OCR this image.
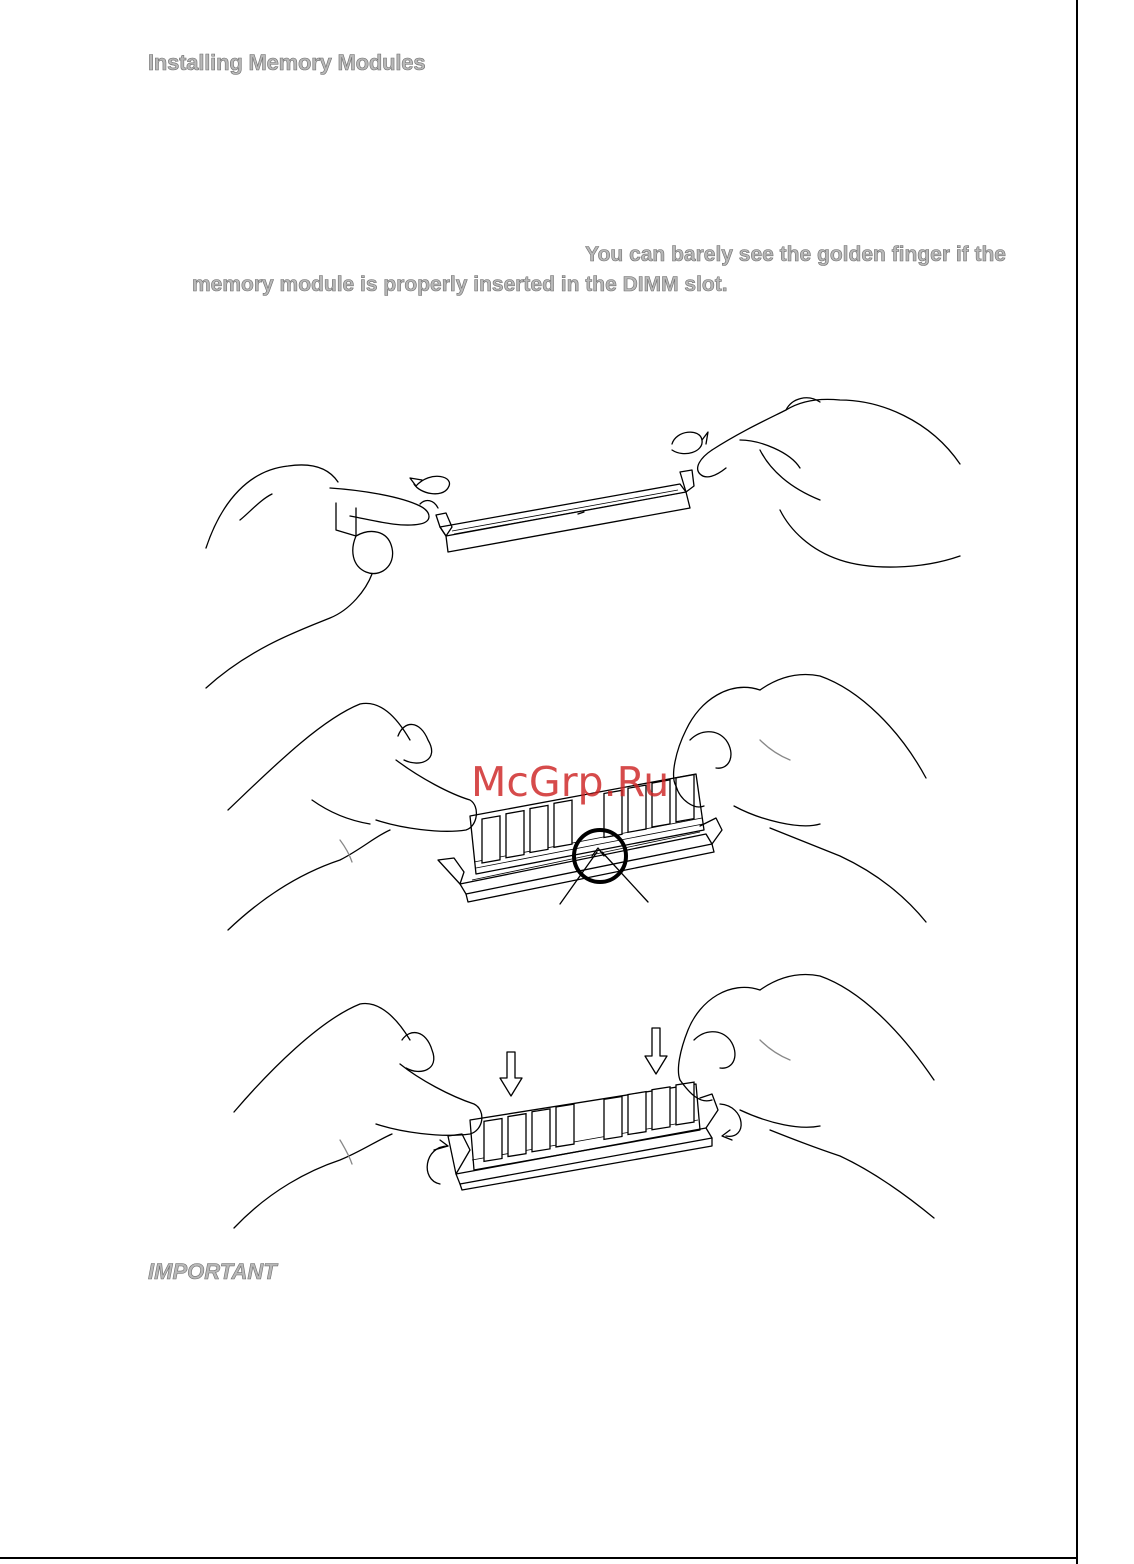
Installing Memory Modules
You can barely see the golden finger if the
memory module is properly inserted in the DIMM slot.
McGrp.Ru
IMPORTANT
